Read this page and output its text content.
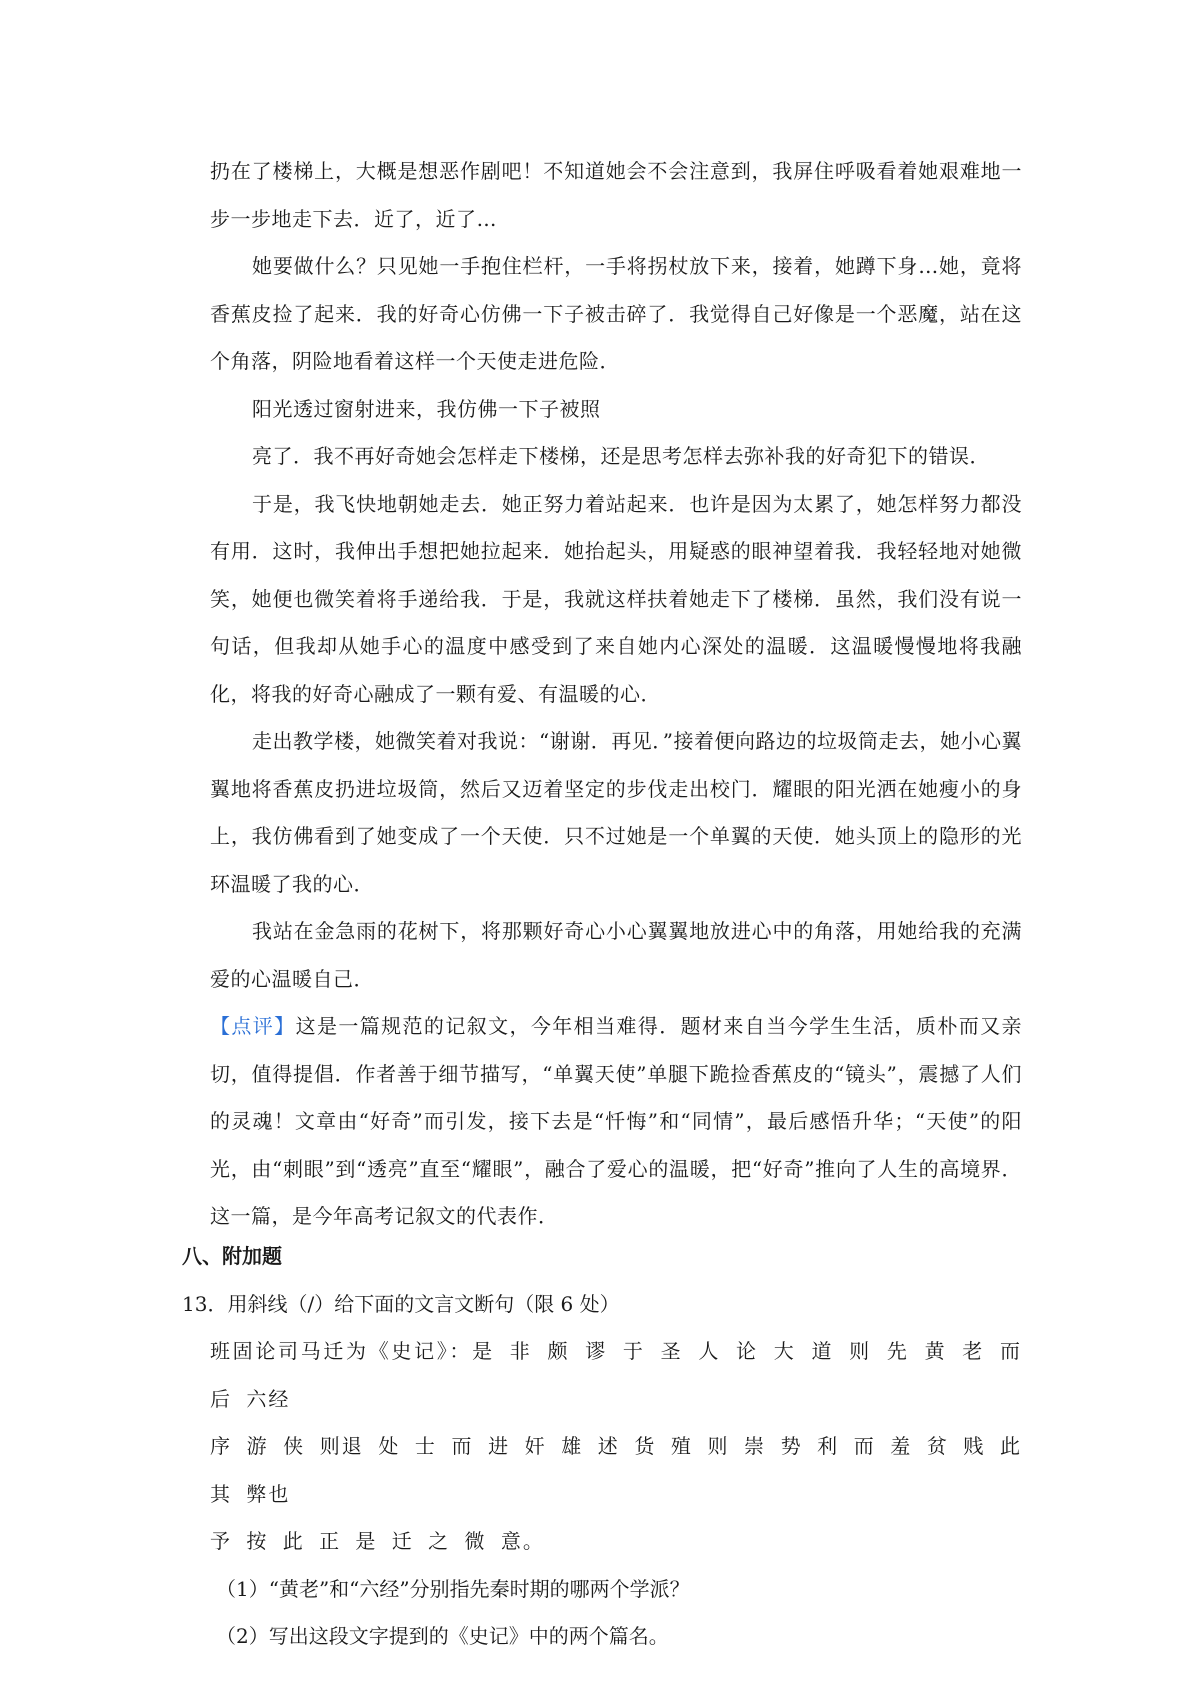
扔在了楼梯上，大概是想恶作剧吧！不知道她会不会注意到，我屏住呼吸看着她艰难地一步一步地走下去．近了，近了…

她要做什么？只见她一手抱住栏杆，一手将拐杖放下来，接着，她蹲下身…她，竟将香蕉皮捡了起来．我的好奇心仿佛一下子被击碎了．我觉得自己好像是一个恶魔，站在这个角落，阴险地看着这样一个天使走进危险．

阳光透过窗射进来，我仿佛一下子被照

亮了．我不再好奇她会怎样走下楼梯，还是思考怎样去弥补我的好奇犯下的错误．

于是，我飞快地朝她走去．她正努力着站起来．也许是因为太累了，她怎样努力都没有用．这时，我伸出手想把她拉起来．她抬起头，用疑惑的眼神望着我．我轻轻地对她微笑，她便也微笑着将手递给我．于是，我就这样扶着她走下了楼梯．虽然，我们没有说一句话，但我却从她手心的温度中感受到了来自她内心深处的温暖．这温暖慢慢地将我融化，将我的好奇心融成了一颗有爱、有温暖的心．

走出教学楼，她微笑着对我说：“谢谢．再见．”接着便向路边的垃圾筒走去，她小心翼翼地将香蕉皮扔进垃圾筒，然后又迈着坚定的步伐走出校门．耀眼的阳光洒在她瘦小的身上，我仿佛看到了她变成了一个天使．只不过她是一个单翼的天使．她头顶上的隐形的光环温暖了我的心．

我站在金急雨的花树下，将那颗好奇心小心翼翼地放进心中的角落，用她给我的充满爱的心温暖自己．

【点评】这是一篇规范的记叙文，今年相当难得．题材来自当今学生生活，质朴而又亲切，值得提倡．作者善于细节描写，“单翼天使”单腿下跪捡香蕉皮的“镜头”，震撼了人们的灵魂！文章由“好奇”而引发，接下去是“忏悔”和“同情”，最后感悟升华；“天使”的阳光，由“刺眼”到“透亮”直至“耀眼”，融合了爱心的温暖，把“好奇”推向了人生的高境界．这一篇，是今年高考记叙文的代表作．

八、附加题

13．用斜线（/）给下面的文言文断句（限 6 处）

班固论司马迁为《史记》：是 非 颇 谬 于 圣 人 论 大 道 则 先 黄 老 而 后 六经

序 游 侠 则退 处 士 而 进 奸 雄 述 货 殖 则 崇 势 利 而 羞 贫 贱 此 其 弊也

予 按 此 正 是 迁 之 微 意。

（1）“黄老”和“六经”分别指先秦时期的哪两个学派？

（2）写出这段文字提到的《史记》中的两个篇名。
